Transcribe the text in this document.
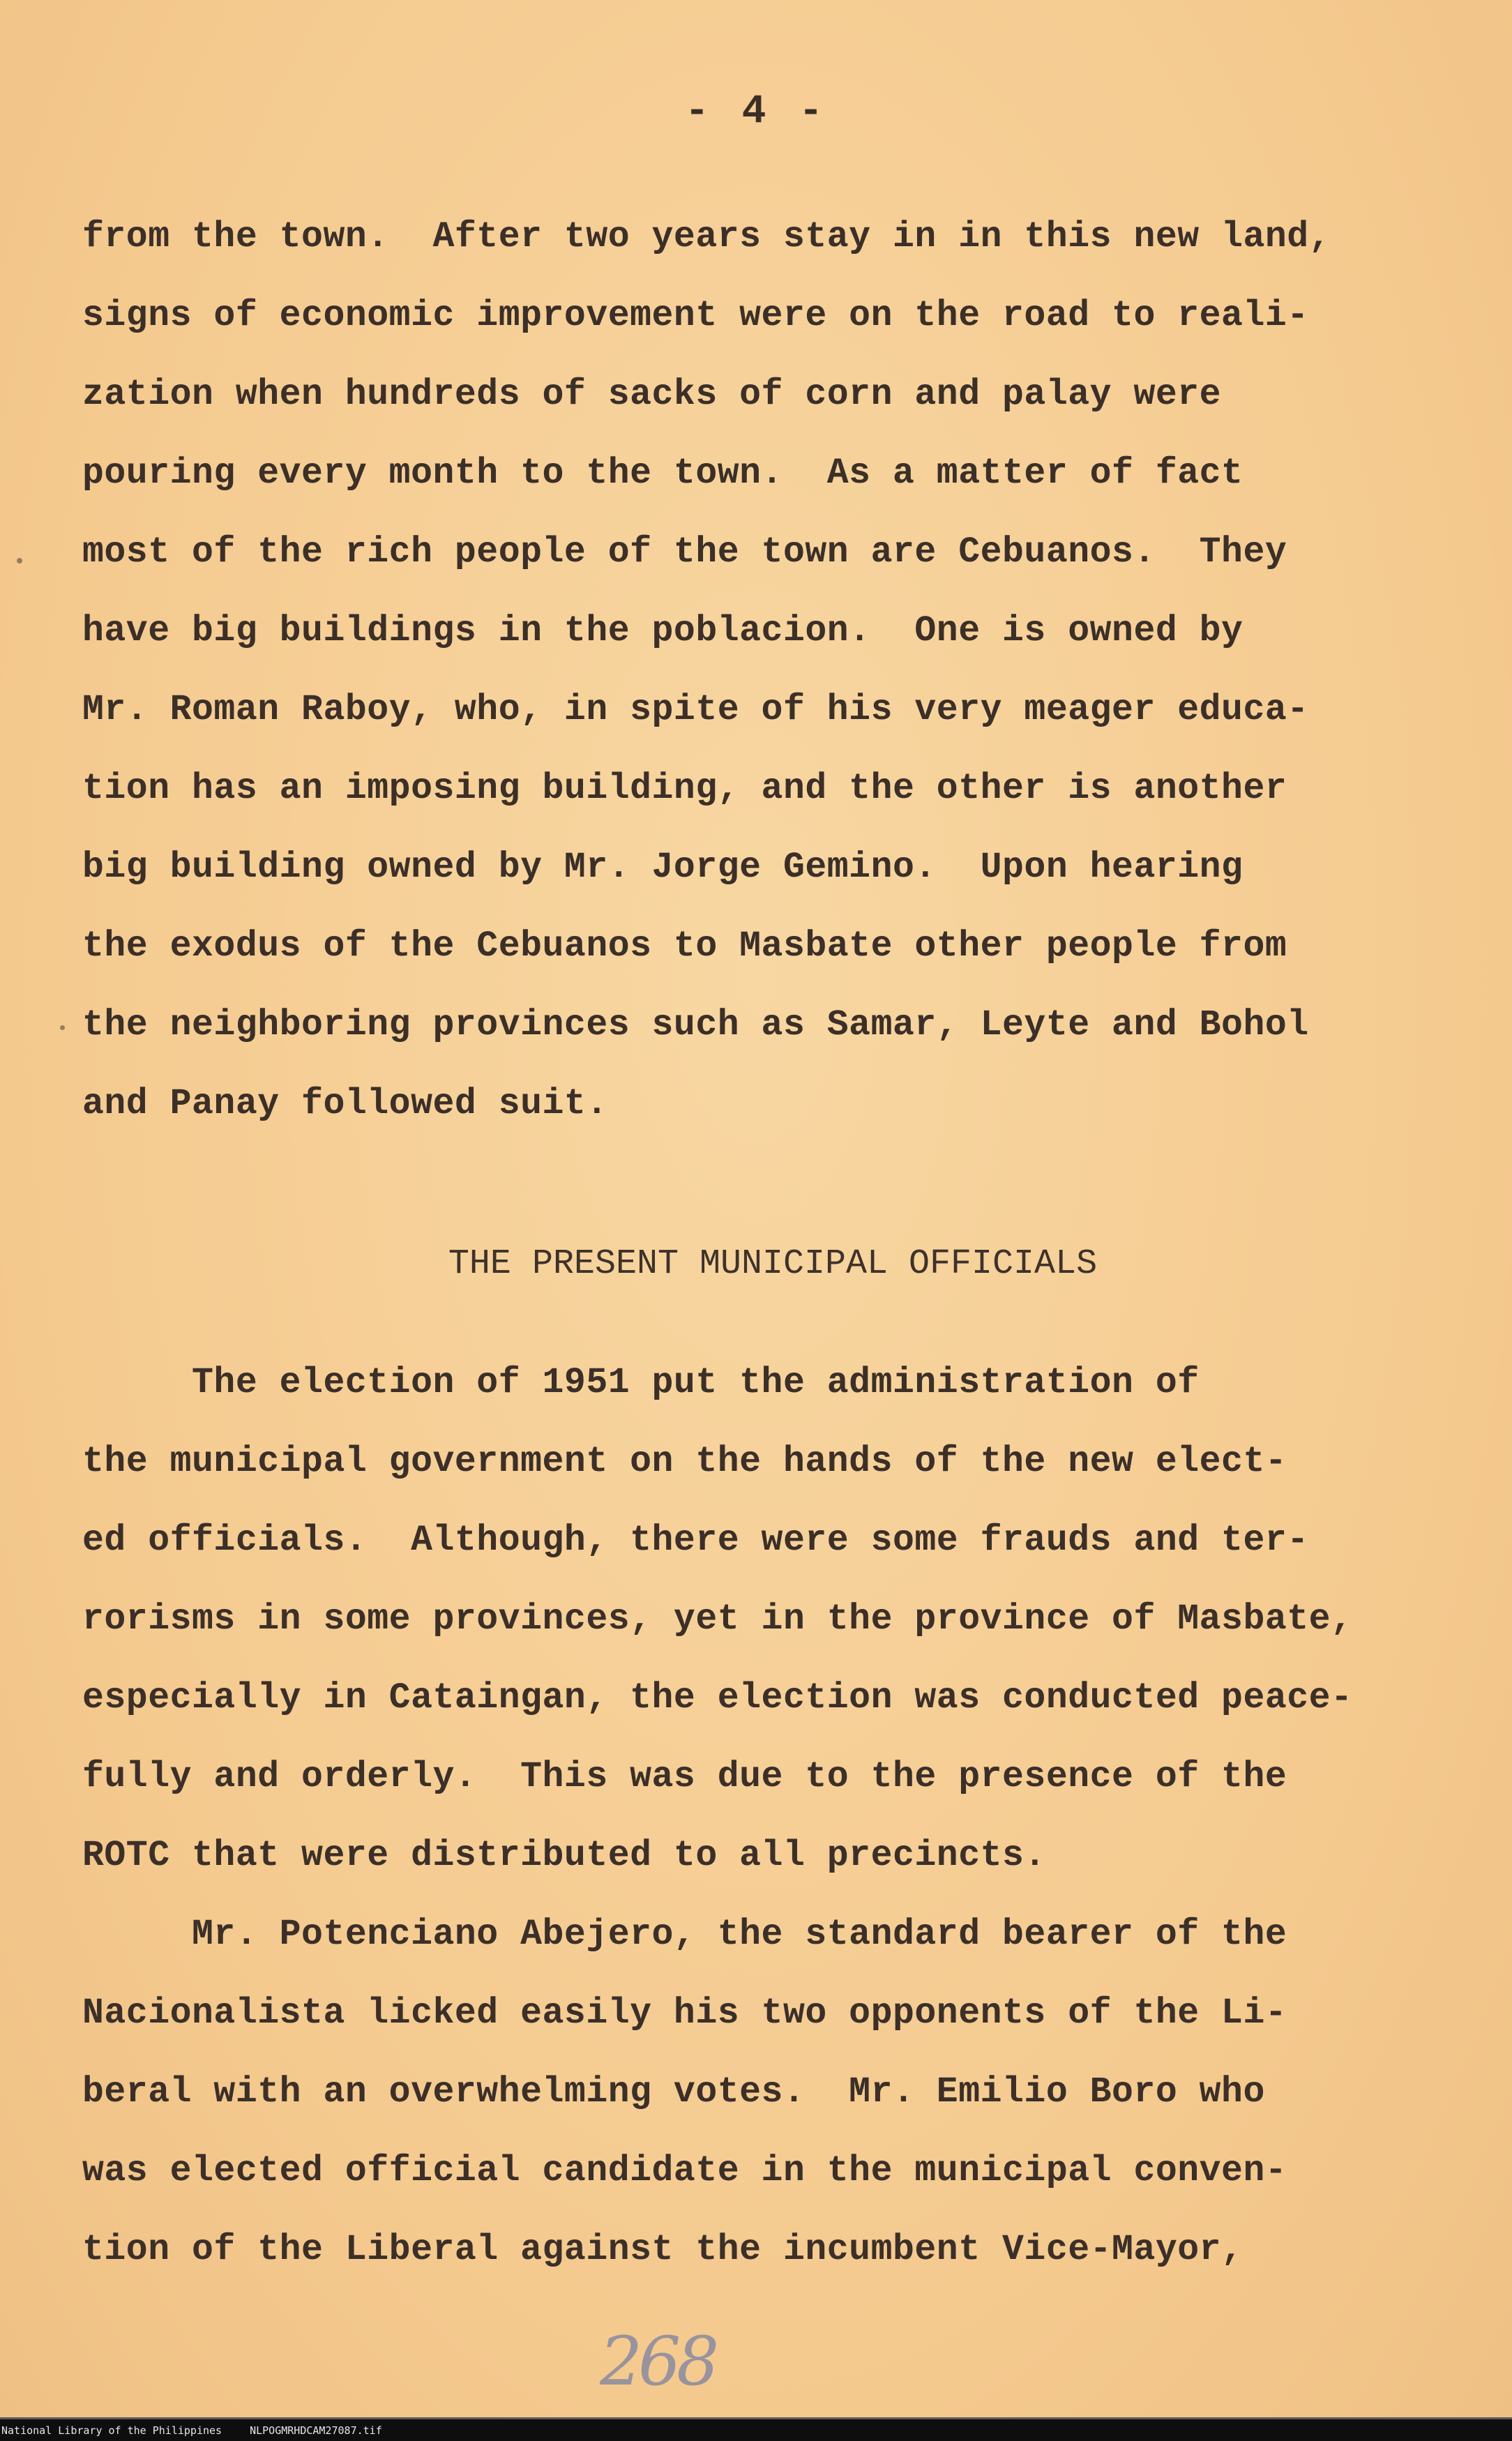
- 4 -
from the town.  After two years stay in in this new land,
signs of economic improvement were on the road to reali-
zation when hundreds of sacks of corn and palay were
pouring every month to the town.  As a matter of fact
most of the rich people of the town are Cebuanos.  They
have big buildings in the poblacion.  One is owned by
Mr. Roman Raboy, who, in spite of his very meager educa-
tion has an imposing building, and the other is another
big building owned by Mr. Jorge Gemino.  Upon hearing
the exodus of the Cebuanos to Masbate other people from
the neighboring provinces such as Samar, Leyte and Bohol
and Panay followed suit.
THE PRESENT MUNICIPAL OFFICIALS
The election of 1951 put the administration of
the municipal government on the hands of the new elect-
ed officials.  Although, there were some frauds and ter-
rorisms in some provinces, yet in the province of Masbate,
especially in Cataingan, the election was conducted peace-
fully and orderly.  This was due to the presence of the
ROTC that were distributed to all precincts.
Mr. Potenciano Abejero, the standard bearer of the
Nacionalista licked easily his two opponents of the Li-
beral with an overwhelming votes.  Mr. Emilio Boro who
was elected official candidate in the municipal conven-
tion of the Liberal against the incumbent Vice-Mayor,
268
National Library of the Philippines	NLPOGMRHDCAM27087.tif
